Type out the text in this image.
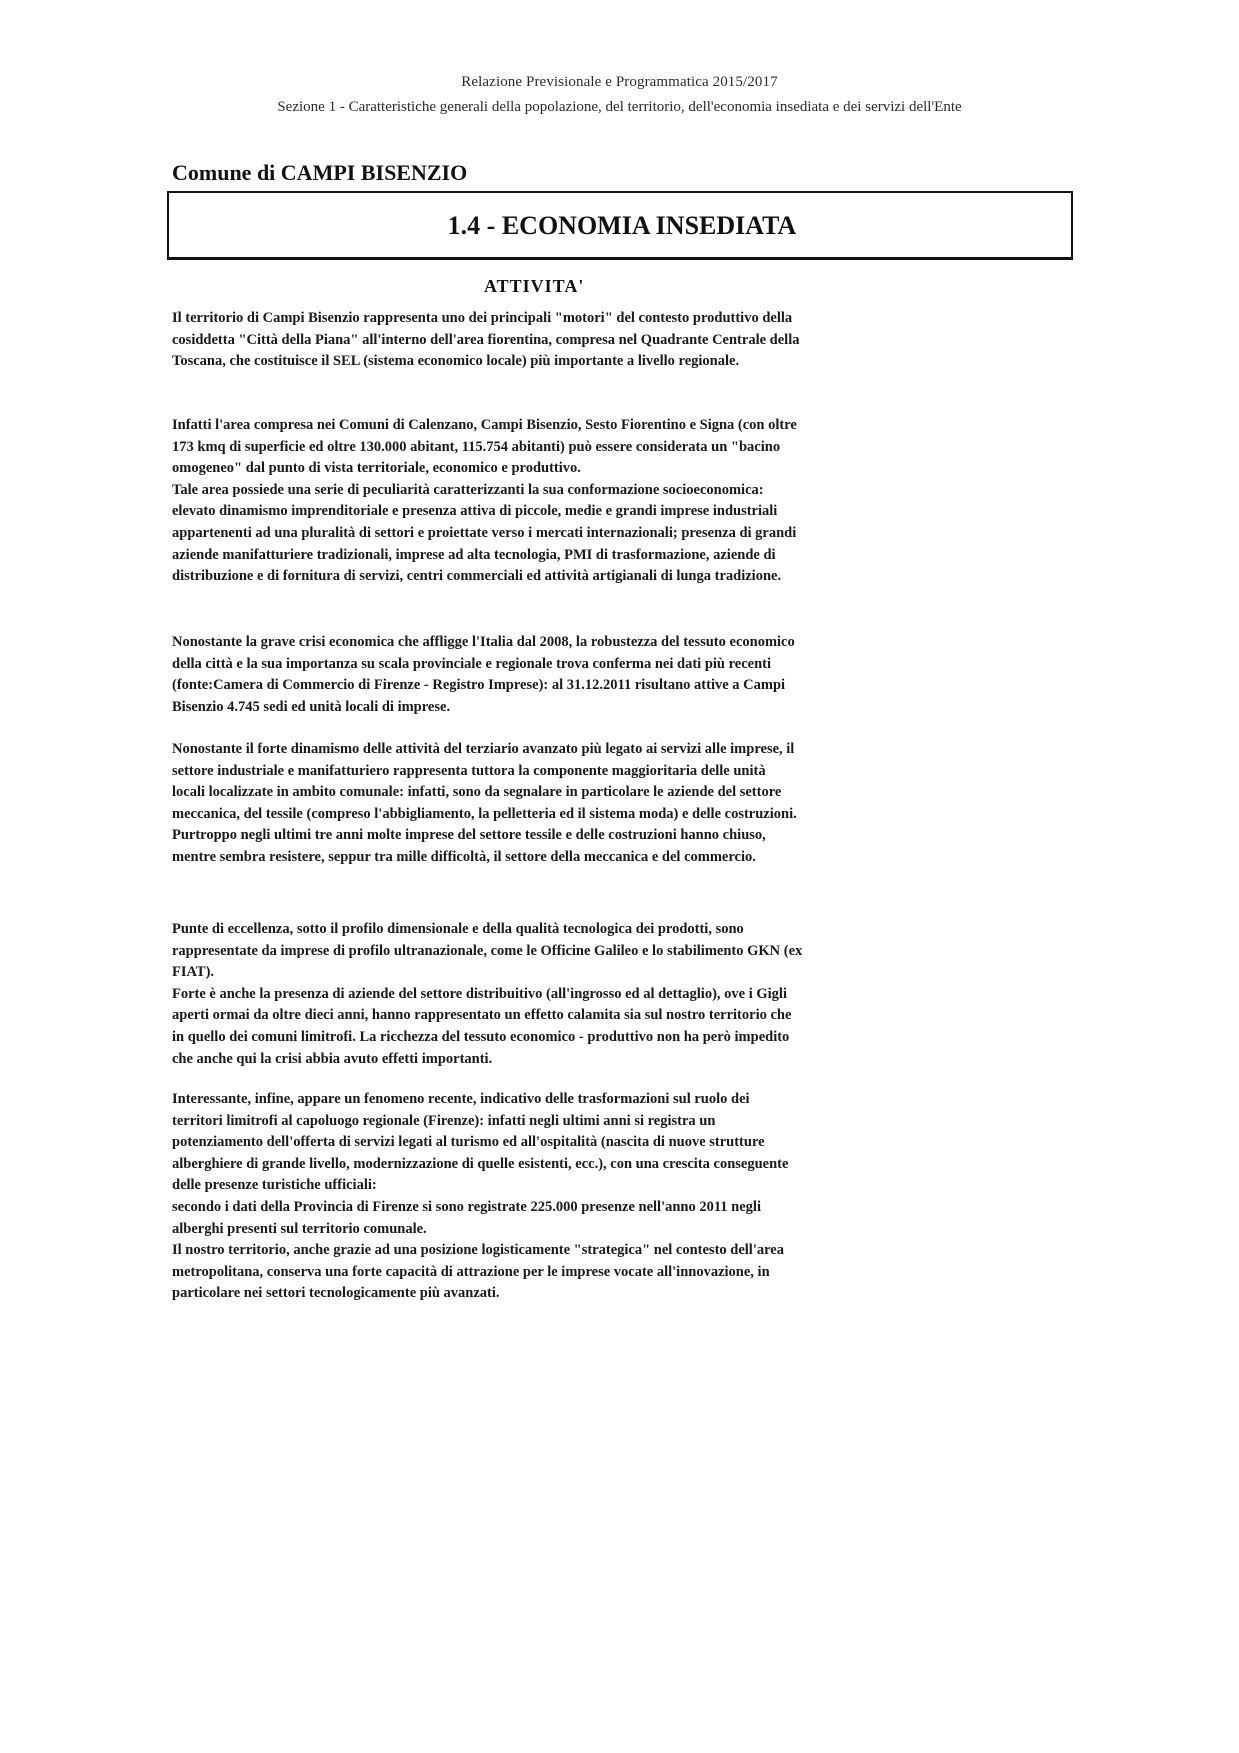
Relazione Previsionale e Programmatica 2015/2017
Sezione 1 - Caratteristiche generali della popolazione, del territorio, dell'economia insediata e dei servizi dell'Ente
Comune di CAMPI BISENZIO
1.4 - ECONOMIA INSEDIATA
ATTIVITA'

Il territorio di Campi Bisenzio rappresenta uno dei principali "motori" del contesto produttivo della
cosiddetta "Città della Piana" all'interno dell'area fiorentina, compresa nel Quadrante Centrale della
Toscana, che costituisce il SEL (sistema economico locale) più importante a livello regionale.

Infatti l'area compresa nei Comuni di Calenzano, Campi Bisenzio, Sesto Fiorentino e Signa (con oltre
173 kmq di superficie ed oltre 130.000 abitant, 115.754 abitanti) può essere considerata un "bacino
omogeneo" dal punto di vista territoriale, economico e produttivo.
Tale area possiede una serie di peculiarità caratterizzanti la sua conformazione socioeconomica:
elevato dinamismo imprenditoriale e presenza attiva di piccole, medie e grandi imprese industriali
appartenenti ad una pluralità di settori e proiettate verso i mercati internazionali; presenza di grandi
aziende manifatturiere tradizionali, imprese ad alta tecnologia, PMI di trasformazione, aziende di
distribuzione e di fornitura di servizi, centri commerciali ed attività artigianali di lunga tradizione.

Nonostante la grave crisi economica che affligge l'Italia dal 2008, la robustezza del tessuto economico
della città e la sua importanza su scala provinciale e regionale trova conferma nei dati più recenti
(fonte:Camera di Commercio di Firenze - Registro Imprese): al 31.12.2011 risultano attive a Campi
Bisenzio 4.745 sedi ed unità locali di imprese.

Nonostante il forte dinamismo delle attività del terziario avanzato più legato ai servizi alle imprese, il
settore industriale e manifatturiero rappresenta tuttora la componente maggioritaria delle unità
locali localizzate in ambito comunale: infatti, sono da segnalare in particolare le aziende del settore
meccanica, del tessile (compreso l'abbigliamento, la pelletteria ed il sistema moda) e delle costruzioni.
Purtroppo negli ultimi tre anni molte imprese del settore tessile e delle costruzioni hanno chiuso,
mentre sembra resistere, seppur tra mille difficoltà, il settore della meccanica e del commercio.

Punte di eccellenza, sotto il profilo dimensionale e della qualità tecnologica dei prodotti, sono
rappresentate da imprese di profilo ultranazionale, come le Officine Galileo e lo stabilimento GKN (ex
FIAT).
Forte è anche la presenza di aziende del settore distribuitivo (all'ingrosso ed al dettaglio), ove i Gigli
aperti ormai da oltre dieci anni, hanno rappresentato un effetto calamita sia sul nostro territorio che
in quello dei comuni limitrofi. La ricchezza del tessuto economico - produttivo non ha però impedito
che anche qui la crisi abbia avuto effetti importanti.

Interessante, infine, appare un fenomeno recente, indicativo delle trasformazioni sul ruolo dei
territori limitrofi al capoluogo regionale (Firenze): infatti negli ultimi anni si registra un
potenziamento dell'offerta di servizi legati al turismo ed all'ospitalità (nascita di nuove strutture
alberghiere di grande livello, modernizzazione di quelle esistenti, ecc.), con una crescita conseguente
delle presenze turistiche ufficiali:
secondo i dati della Provincia di Firenze si sono registrate 225.000 presenze nell'anno 2011 negli
alberghi presenti sul territorio comunale.
Il nostro territorio, anche grazie ad una posizione logisticamente "strategica" nel contesto dell'area
metropolitana, conserva una forte capacità di attrazione per le imprese vocate all'innovazione, in
particolare nei settori tecnologicamente più avanzati.
